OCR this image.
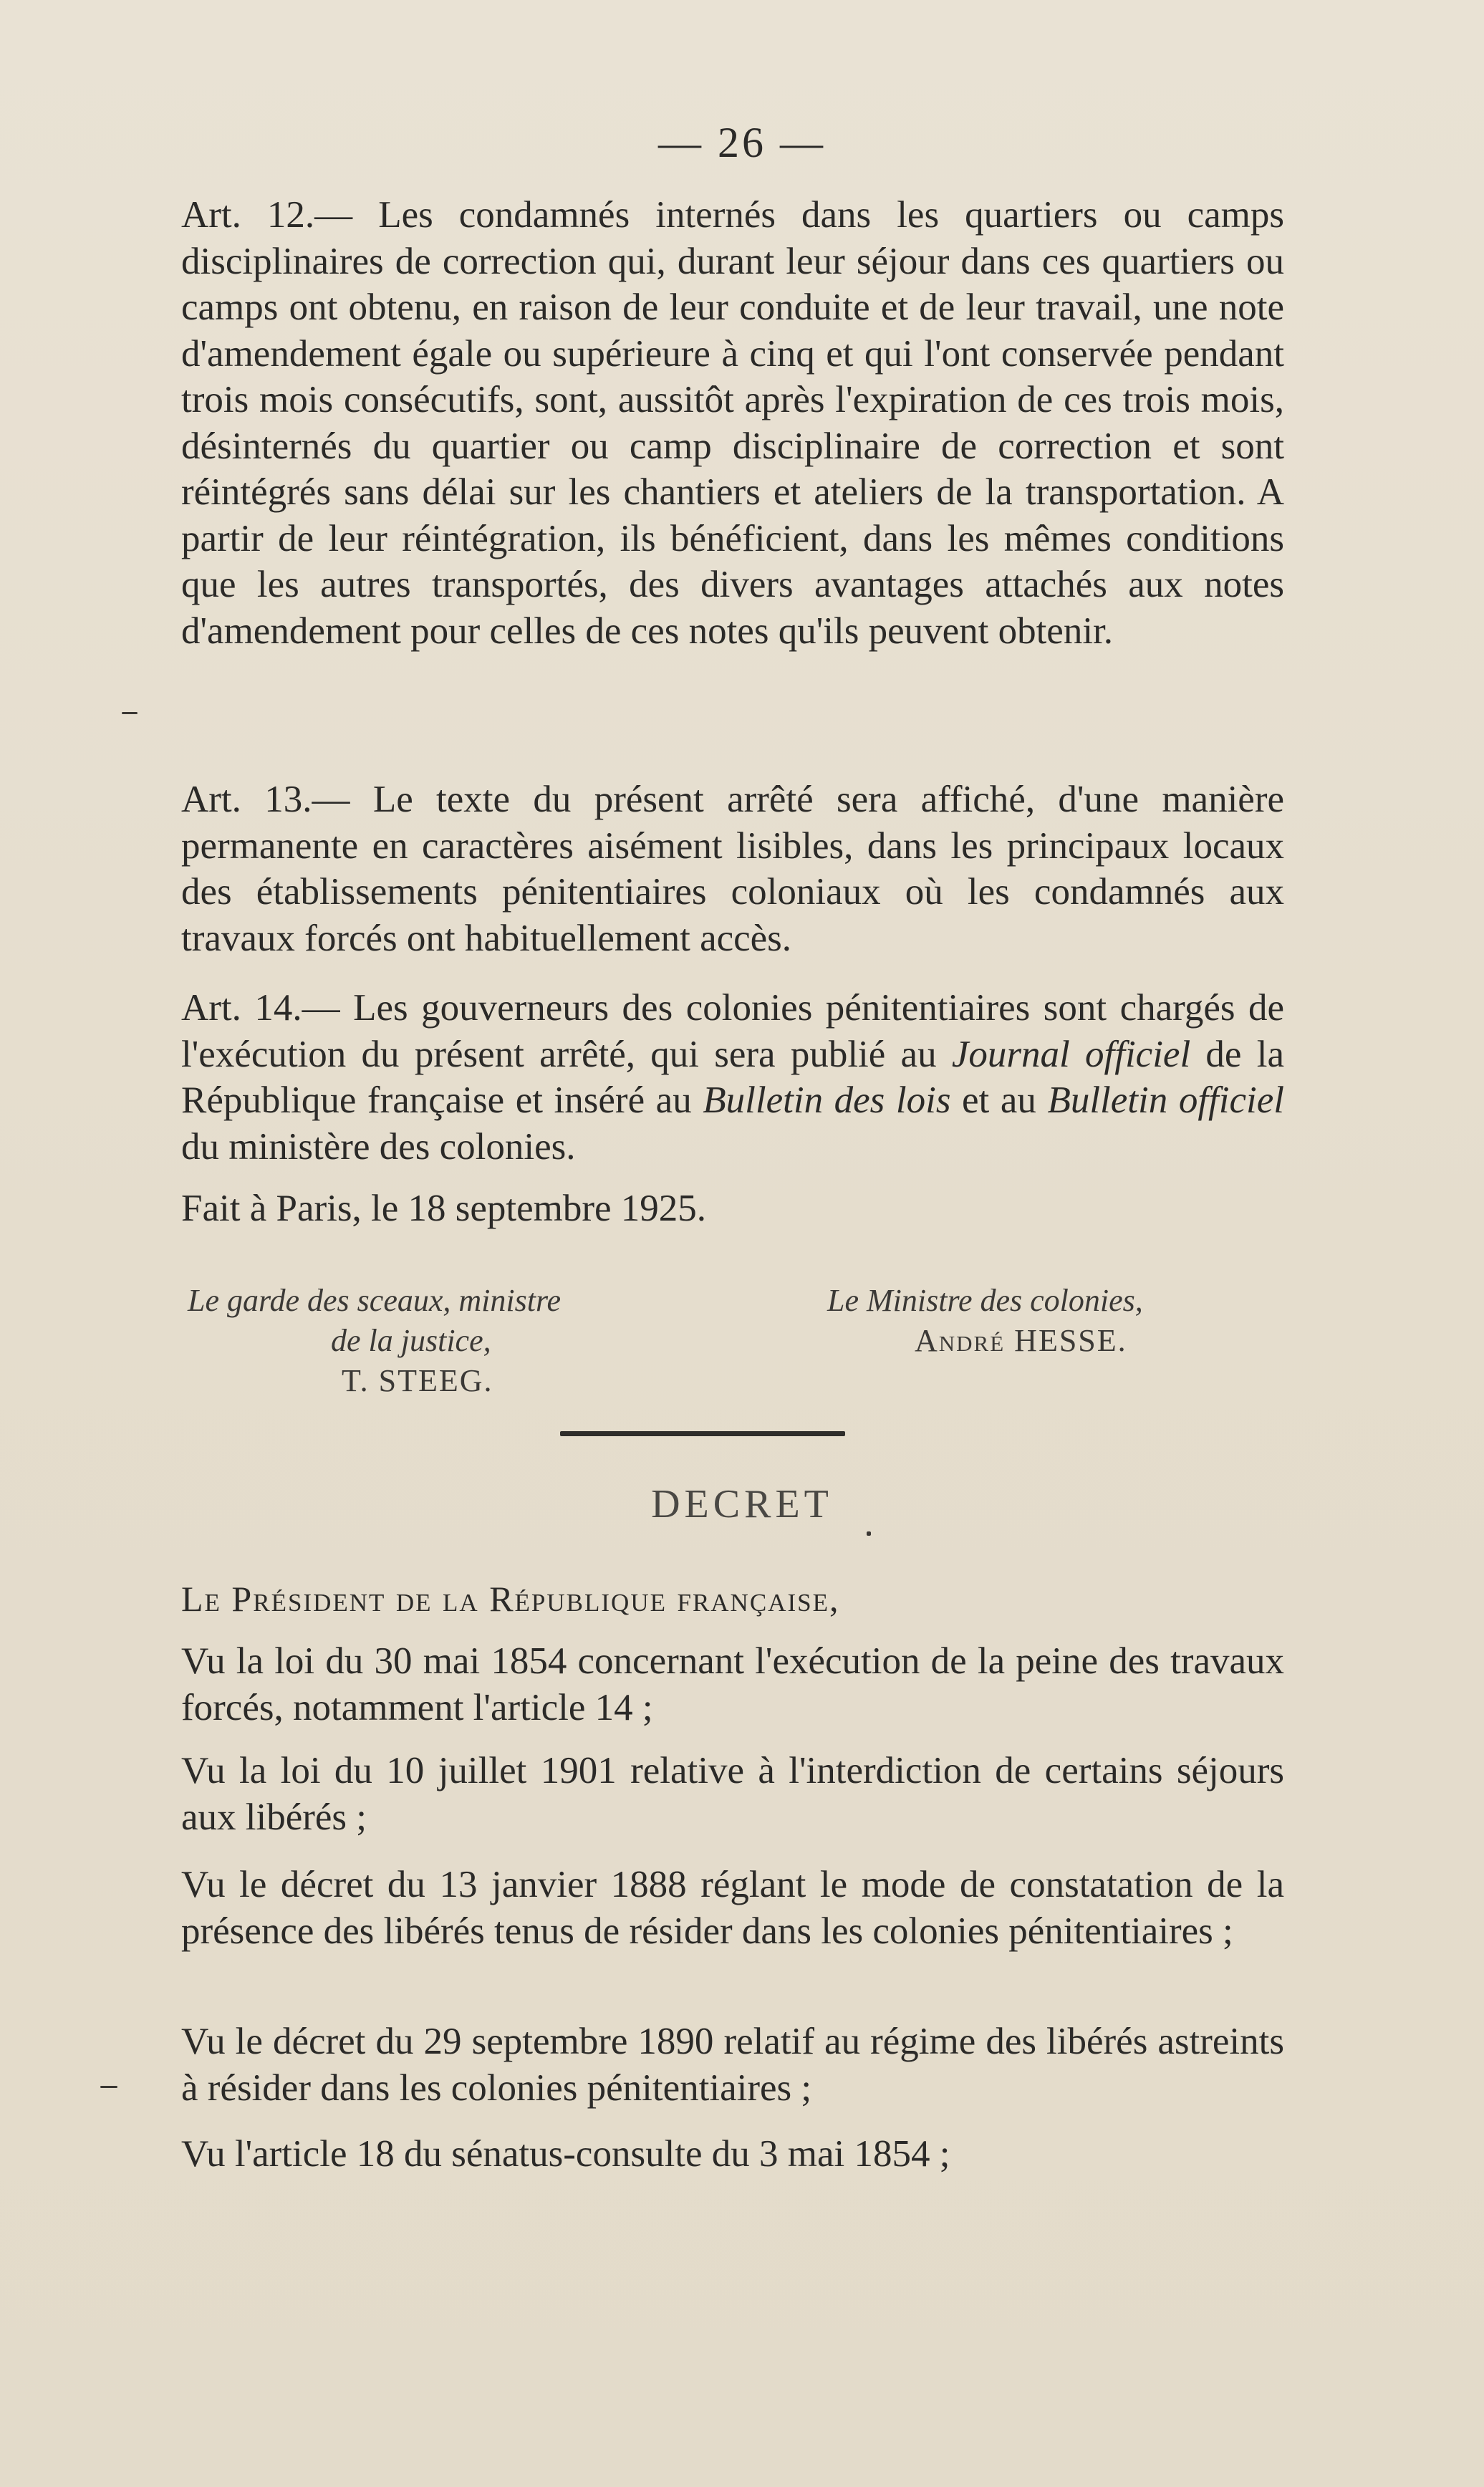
— 26 —

Art. 12.— Les condamnés internés dans les quartiers ou camps disciplinaires de correction qui, durant leur séjour dans ces quartiers ou camps ont obtenu, en raison de leur conduite et de leur travail, une note d'amendement égale ou supérieure à cinq et qui l'ont conservée pendant trois mois consécutifs, sont, aussitôt après l'expiration de ces trois mois, désinternés du quartier ou camp disciplinaire de correction et sont réintégrés sans délai sur les chantiers et ateliers de la transportation. A partir de leur réintégration, ils bénéficient, dans les mêmes conditions que les autres transportés, des divers avantages attachés aux notes d'amendement pour celles de ces notes qu'ils peuvent obtenir.

Art. 13.— Le texte du présent arrêté sera affiché, d'une manière permanente en caractères aisément lisibles, dans les principaux locaux des établissements pénitentiaires coloniaux où les condamnés aux travaux forcés ont habituellement accès.

Art. 14.— Les gouverneurs des colonies pénitentiaires sont chargés de l'exécution du présent arrêté, qui sera publié au Journal officiel de la République française et inséré au Bulletin des lois et au Bulletin officiel du ministère des colonies.

Fait à Paris, le 18 septembre 1925.

Le garde des sceaux, ministre
de la justice,
T. STEEG.
Le Ministre des colonies,
André HESSE.
DECRET
Le Président de la République française,

Vu la loi du 30 mai 1854 concernant l'exécution de la peine des travaux forcés, notamment l'article 14 ;

Vu la loi du 10 juillet 1901 relative à l'interdiction de certains séjours aux libérés ;

Vu le décret du 13 janvier 1888 réglant le mode de constatation de la présence des libérés tenus de résider dans les colonies pénitentiaires ;

Vu le décret du 29 septembre 1890 relatif au régime des libérés astreints à résider dans les colonies pénitentiaires ;

Vu l'article 18 du sénatus-consulte du 3 mai 1854 ;
